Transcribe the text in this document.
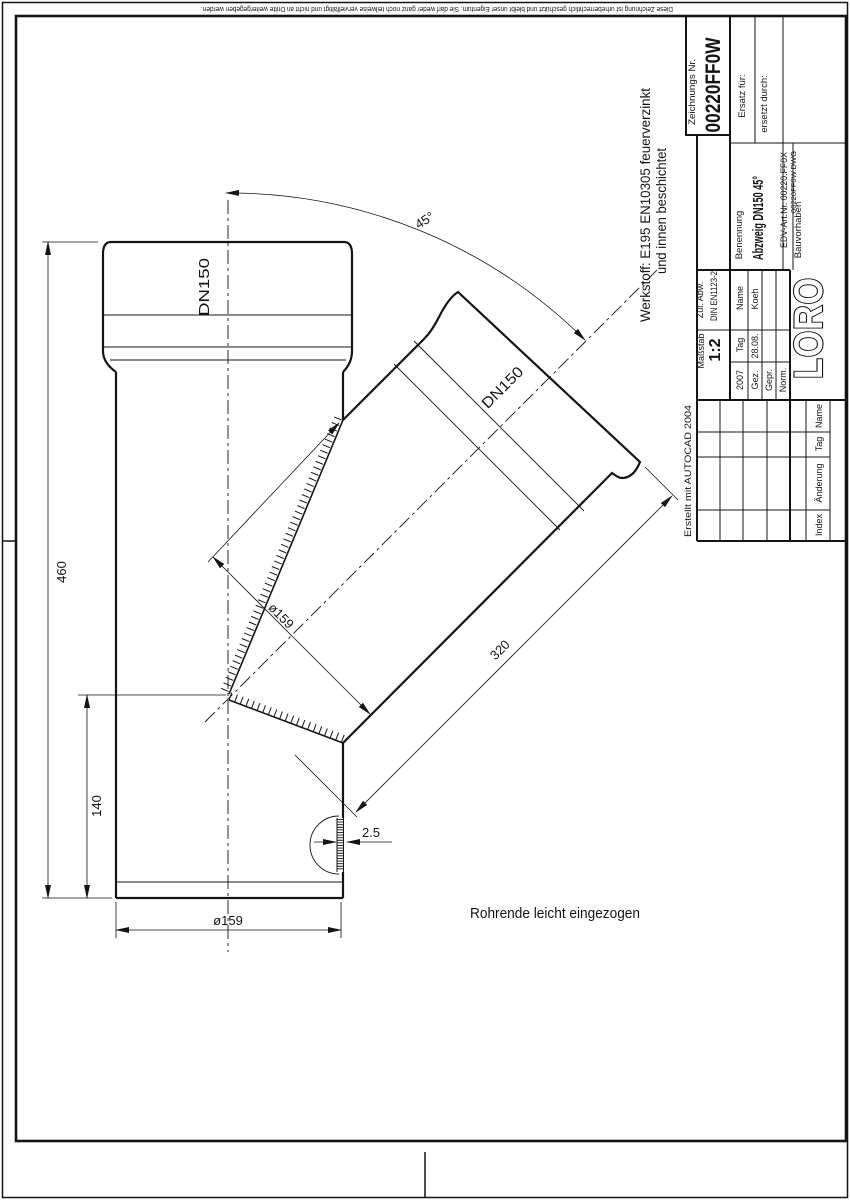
DN150
DN150
460
140
ø159
2.5
ø159
320
45°
Rohrende leicht eingezogen
Werkstoff: E195 EN10305 feuerverzinkt und innen beschichtet
Diese Zeichnung ist urheberrechtlich geschützt und bleibt unser Eigentum. Sie darf weder ganz noch teilweise vervielfältigt und nicht an Dritte weitergegeben werden.
Erstellt mit AUTOCAD 2004
Zeichnungs Nr. 00220FF0W Ersatz für: ersetzt durch:
Benennung Abzweig DN150 45° EDV-Art.Nr. 00220.FF0X 00220FF0W.DWG
Bauvorhaben
Zul. Abw. DIN EN1123-2
Maßstab 1:2
Name Koeh
Tag 28.08.
2007 Gez. Gepr. Norm.
LORO
Name
Tag
Änderung
Index
